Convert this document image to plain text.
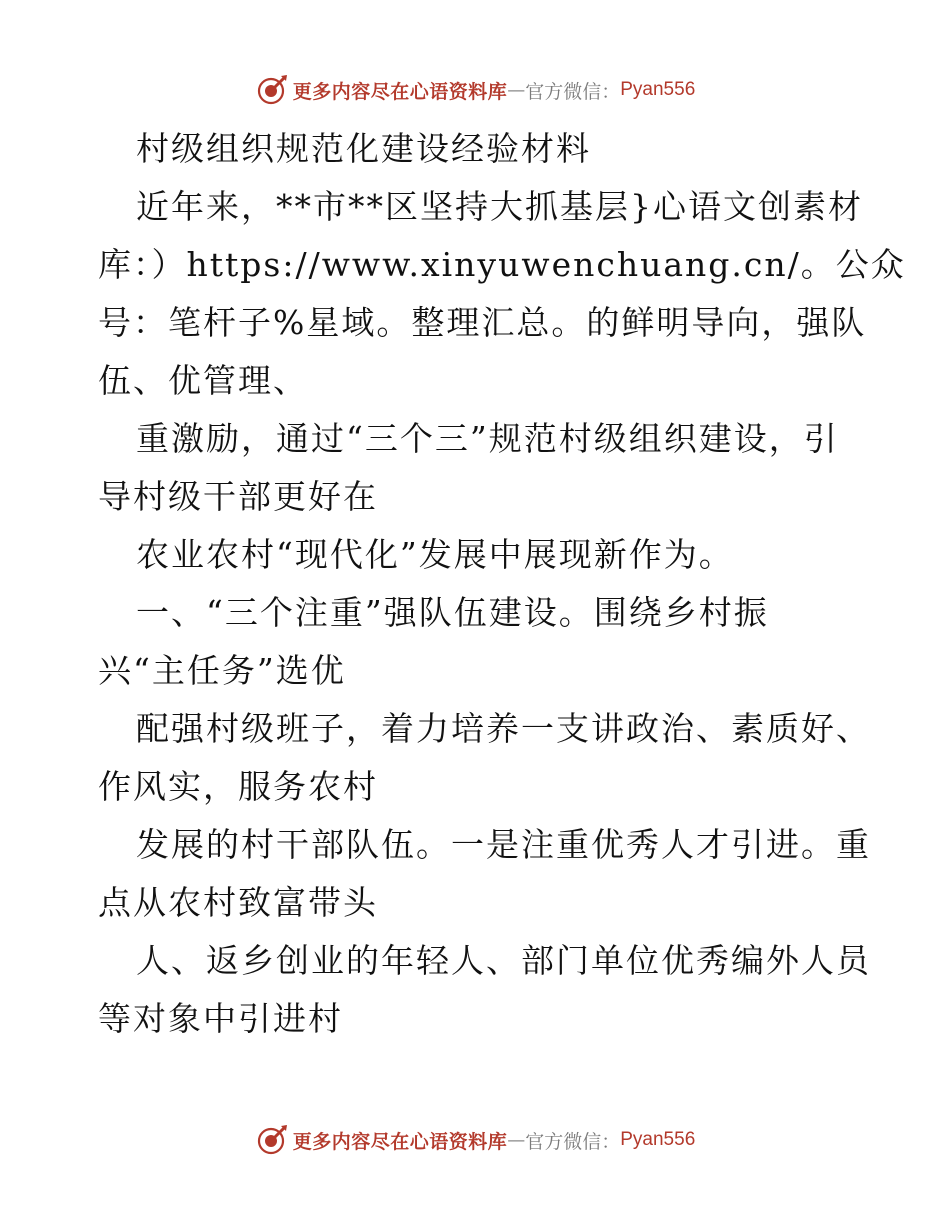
更多内容尽在心语资料库 — 官方微信： Pyan556

村级组织规范化建设经验材料

近年来，**市**区坚持大抓基层}心语文创素材

库：）https://www.xinyuwenchuang.cn/。公众

号：笔杆子%星域。整理汇总。的鲜明导向，强队

伍、优管理、

重激励，通过“三个三”规范村级组织建设，引

导村级干部更好在

农业农村“现代化”发展中展现新作为。

一、“三个注重”强队伍建设。围绕乡村振

兴“主任务”选优

配强村级班子，着力培养一支讲政治、素质好、

作风实，服务农村

发展的村干部队伍。一是注重优秀人才引进。重

点从农村致富带头

人、返乡创业的年轻人、部门单位优秀编外人员

等对象中引进村

更多内容尽在心语资料库 — 官方微信： Pyan556
